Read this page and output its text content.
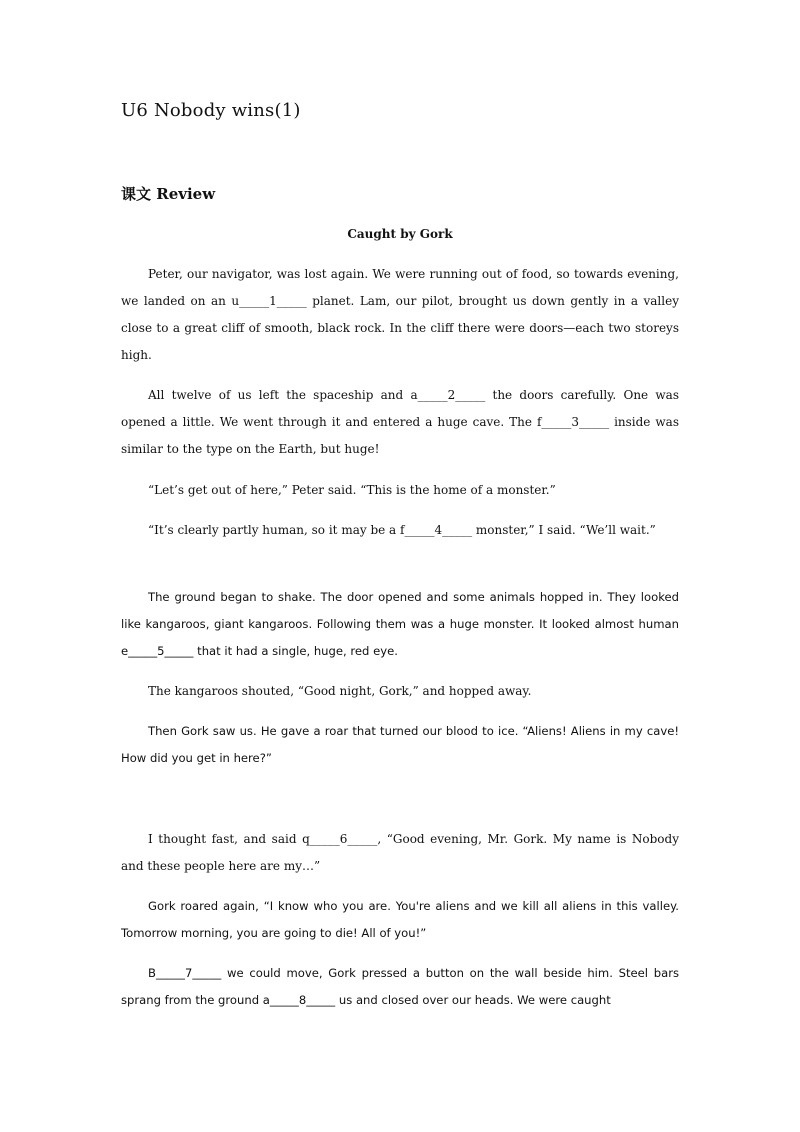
U6 Nobody wins(1)
课文 Review
Caught by Gork

Peter, our navigator, was lost again. We were running out of food, so towards evening, we landed on an u_____1_____ planet. Lam, our pilot, brought us down gently in a valley close to a great cliff of smooth, black rock. In the cliff there were doors—each two storeys high.

All twelve of us left the spaceship and a_____2_____ the doors carefully. One was opened a little. We went through it and entered a huge cave. The f_____3_____ inside was similar to the type on the Earth, but huge!

“Let’s get out of here,” Peter said. “This is the home of a monster.”

“It’s clearly partly human, so it may be a f_____4_____ monster,” I said. “We’ll wait.”

The ground began to shake. The door opened and some animals hopped in. They looked like kangaroos, giant kangaroos. Following them was a huge monster. It looked almost human e_____5_____ that it had a single, huge, red eye.

The kangaroos shouted, “Good night, Gork,” and hopped away.

Then Gork saw us. He gave a roar that turned our blood to ice. “Aliens! Aliens in my cave! How did you get in here?”

I thought fast, and said q_____6_____, “Good evening, Mr. Gork. My name is Nobody and these people here are my…”

Gork roared again, “I know who you are. You're aliens and we kill all aliens in this valley. Tomorrow morning, you are going to die! All of you!”

B_____7_____ we could move, Gork pressed a button on the wall beside him. Steel bars sprang from the ground a_____8_____ us and closed over our heads. We were caught
